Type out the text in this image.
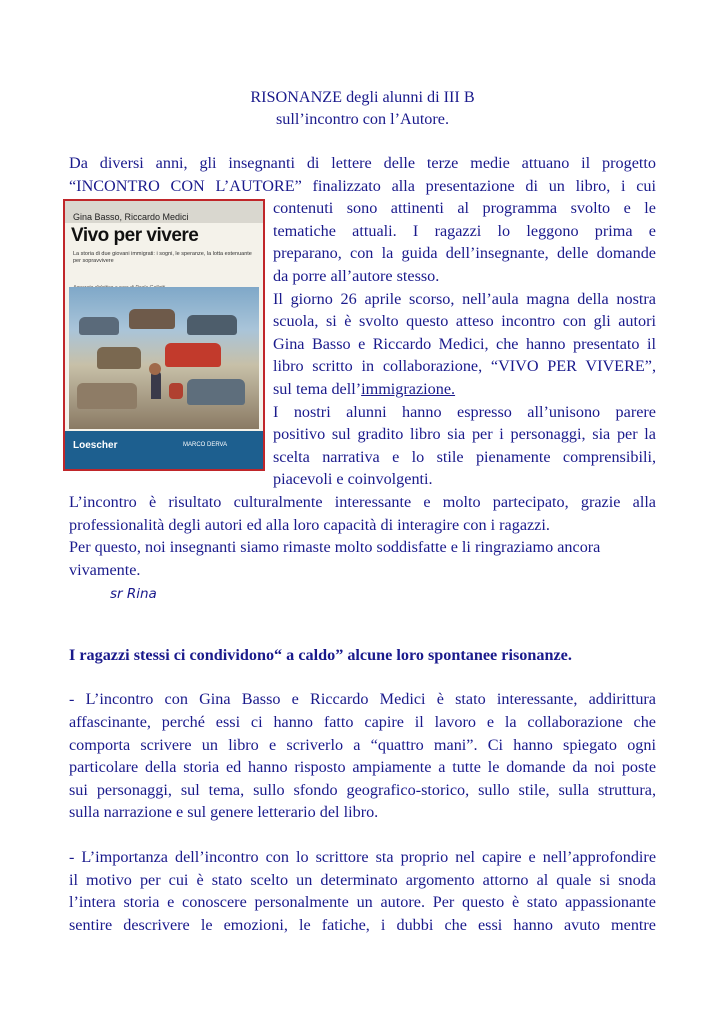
RISONANZE degli alunni di III B
sull’incontro con l’Autore.

Da diversi anni, gli insegnanti di lettere delle terze medie attuano il progetto

“INCONTRO CON L’AUTORE” finalizzato alla presentazione di un libro, i cui

Gina Basso, Riccardo Medici
Vivo per vivere
La storia di due giovani immigrati: i sogni, le speranze, la lotta estenuante per sopravvivere
Loescher	MARCO DERVA

contenuti sono attinenti al programma svolto e le

tematiche attuali. I ragazzi lo leggono prima e

preparano, con la guida dell’insegnante, delle domande

da porre all’autore stesso.

Il giorno 26 aprile scorso, nell’aula magna della nostra

scuola, si è svolto questo atteso incontro con gli autori

Gina Basso e Riccardo Medici, che hanno presentato il

libro scritto in collaborazione, “VIVO PER VIVERE”,

sul tema dell’immigrazione.

I nostri alunni hanno espresso all’unisono parere

positivo sul gradito libro sia per i personaggi, sia per la

scelta narrativa e lo stile pienamente comprensibili,

piacevoli e coinvolgenti.

L’incontro è risultato culturalmente interessante e molto partecipato, grazie alla

professionalità degli autori ed alla loro capacità di interagire con i ragazzi.

Per questo, noi insegnanti siamo rimaste molto soddisfatte e li ringraziamo ancora

vivamente.

sr Rina

I ragazzi stessi ci condividono“ a caldo” alcune loro spontanee risonanze.

- L’incontro con Gina Basso e Riccardo Medici è stato interessante, addirittura

affascinante, perché essi ci hanno fatto capire il lavoro e la collaborazione che

comporta scrivere un libro e scriverlo a “quattro mani”. Ci hanno spiegato ogni

particolare della storia ed hanno risposto ampiamente a tutte le domande da noi poste

sui personaggi, sul tema, sullo sfondo geografico-storico, sullo stile, sulla struttura,

sulla narrazione e sul genere letterario del libro.

- L’importanza dell’incontro con lo scrittore sta proprio nel capire e nell’approfondire

il motivo per cui è stato scelto un determinato argomento attorno al quale si snoda

l’intera storia e conoscere personalmente un autore. Per questo è stato appassionante

sentire descrivere le emozioni, le fatiche, i dubbi che essi hanno avuto mentre
